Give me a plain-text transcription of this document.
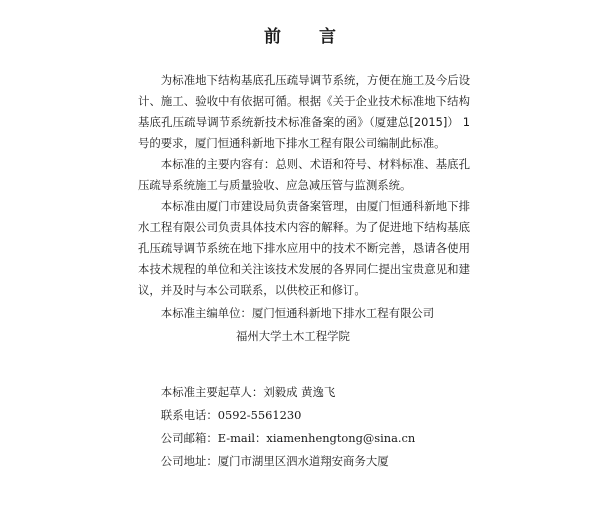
前 言

为标准地下结构基底孔压疏导调节系统，方便在施工及今后设计、施工、验收中有依据可循。根据《关于企业技术标准地下结构基底孔压疏导调节系统新技术标准备案的函》（厦建总[2015]） 1 号的要求，厦门恒通科新地下排水工程有限公司编制此标准。

本标准的主要内容有：总则、术语和符号、材料标准、基底孔压疏导系统施工与质量验收、应急减压管与监测系统。

本标准由厦门市建设局负责备案管理，由厦门恒通科新地下排水工程有限公司负责具体技术内容的解释。为了促进地下结构基底孔压疏导调节系统在地下排水应用中的技术不断完善，恳请各使用本技术规程的单位和关注该技术发展的各界同仁提出宝贵意见和建议，并及时与本公司联系，以供校正和修订。

本标准主编单位：厦门恒通科新地下排水工程有限公司

福州大学土木工程学院

本标准主要起草人：刘毅成 黄逸飞

联系电话：0592-5561230

公司邮箱：E-mail：xiamenhengtong@sina.cn

公司地址：厦门市湖里区泗水道翔安商务大厦
